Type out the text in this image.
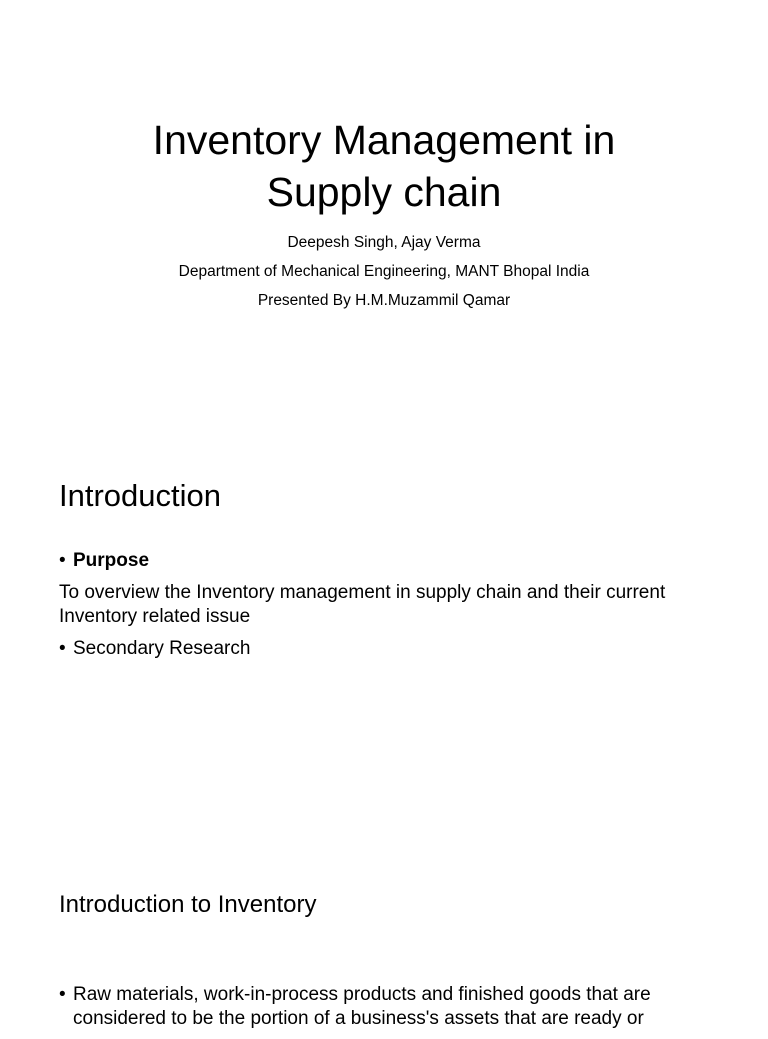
Inventory Management in
Supply chain
Deepesh Singh, Ajay Verma
Department of Mechanical Engineering, MANT Bhopal India
Presented By H.M.Muzammil Qamar
Introduction
• Purpose
To overview the Inventory management in supply chain and their current Inventory related issue
• Secondary Research
Introduction to Inventory
• Raw materials, work-in-process products and finished goods that are considered to be the portion of a business's assets that are ready or
